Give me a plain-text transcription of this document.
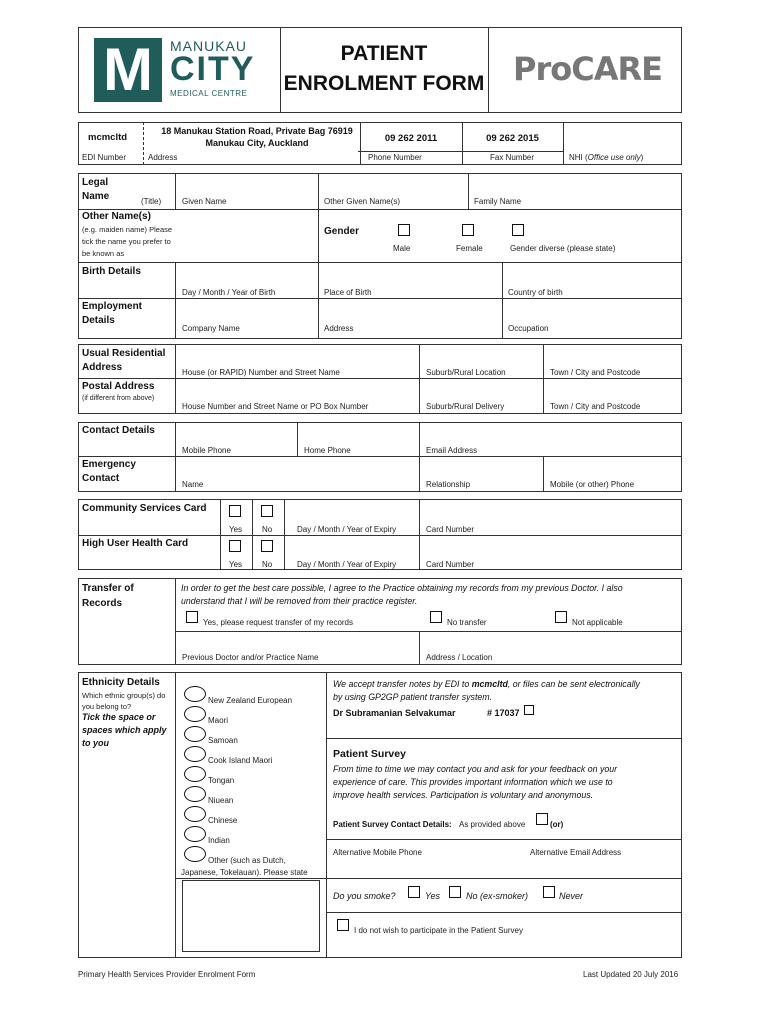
M	MANUKAU
CITY
MEDICAL CENTRE
PATIENT
ENROLMENT FORM ProCARE
mcmcltd
EDI Number
18 Manukau Station Road, Private Bag 76919
Manukau City, Auckland
Address
09 262 2011
Phone Number
09 262 2015
Fax Number	NHI (Office use only)
Legal
Name	(Title)	Given Name	Other Given Name(s)	Family Name
Other Name(s)
(e.g. maiden name) Please
tick the name you prefer to
be known as
Gender
Male	Female	Gender diverse (please state)
Birth Details
Day / Month / Year of Birth	Place of Birth	Country of birth
Employment
Details
Company Name	Address	Occupation
Usual Residential
Address	House (or RAPID) Number and Street Name	Suburb/Rural Location	Town / City and Postcode
Postal Address
(if different from above)
House Number and Street Name or PO Box Number	Suburb/Rural Delivery	Town / City and Postcode
Contact Details
Mobile Phone	Home Phone	Email Address
Emergency
Contact
Name	Relationship	Mobile (or other) Phone
Community Services Card
Yes No	Day / Month / Year of Expiry	Card Number
High User Health Card
Yes No	Day / Month / Year of Expiry	Card Number
Transfer of
Records
In order to get the best care possible, I agree to the Practice obtaining my records from my previous Doctor. I also
understand that I will be removed from their practice register.
Yes, please request transfer of my records	No transfer	Not applicable
Previous Doctor and/or Practice Name	Address / Location
Ethnicity Details
Which ethnic group(s) do
you belong to?
Tick the space or
spaces which apply
to you
New Zealand European
Maori
Samoan
Cook Island Maori
Tongan
Niuean
Chinese
Indian
Other (such as Dutch,
Japanese, Tokelauan). Please state
We accept transfer notes by EDI to mcmcltd, or files can be sent electronically
by using GP2GP patient transfer system.
Dr Subramanian Selvakumar	# 17037
Patient Survey
From time to time we may contact you and ask for your feedback on your
experience of care. This provides important information which we use to
improve health services. Participation is voluntary and anonymous.
Patient Survey Contact Details: As provided above	(or)
Alternative Mobile Phone	Alternative Email Address
Do you smoke?	Yes	No (ex-smoker)	Never
I do not wish to participate in the Patient Survey
Primary Health Services Provider Enrolment Form	Last Updated 20 July 2016
